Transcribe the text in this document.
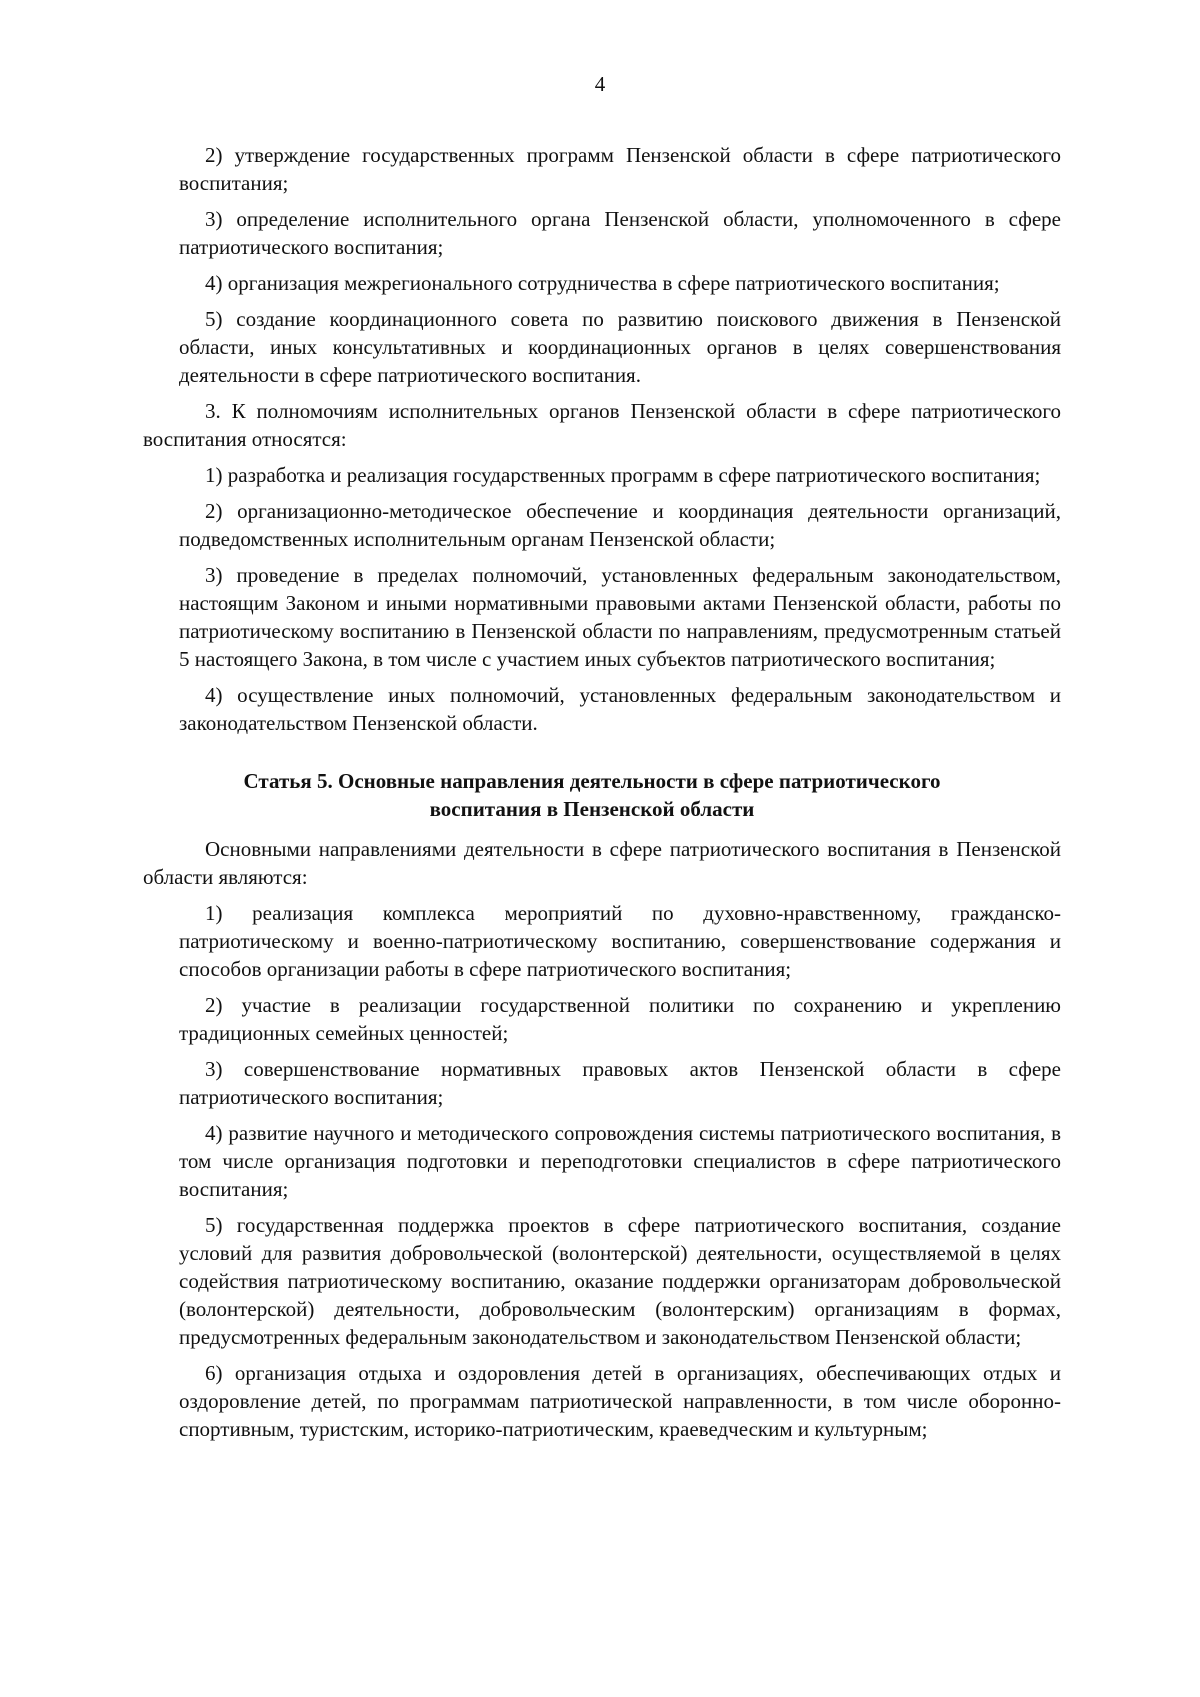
4

2) утверждение государственных программ Пензенской области в сфере патриотического воспитания;

3) определение исполнительного органа Пензенской области, уполномоченного в сфере патриотического воспитания;

4) организация межрегионального сотрудничества в сфере патриотического воспитания;

5) создание координационного совета по развитию поискового движения в Пензенской области, иных консультативных и координационных органов в целях совершенствования деятельности в сфере патриотического воспитания.

3. К полномочиям исполнительных органов Пензенской области в сфере патриотического воспитания относятся:

1) разработка и реализация государственных программ в сфере патриотического воспитания;

2) организационно-методическое обеспечение и координация деятельности организаций, подведомственных исполнительным органам Пензенской области;

3) проведение в пределах полномочий, установленных федеральным законодательством, настоящим Законом и иными нормативными правовыми актами Пензенской области, работы по патриотическому воспитанию в Пензенской области по направлениям, предусмотренным статьей 5 настоящего Закона, в том числе с участием иных субъектов патриотического воспитания;

4) осуществление иных полномочий, установленных федеральным законодательством и законодательством Пензенской области.

Статья 5. Основные направления деятельности в сфере патриотического
воспитания в Пензенской области

Основными направлениями деятельности в сфере патриотического воспитания в Пензенской области являются:

1) реализация комплекса мероприятий по духовно-нравственному, гражданско-патриотическому и военно-патриотическому воспитанию, совершенствование содержания и способов организации работы в сфере патриотического воспитания;

2) участие в реализации государственной политики по сохранению и укреплению традиционных семейных ценностей;

3) совершенствование нормативных правовых актов Пензенской области в сфере патриотического воспитания;

4) развитие научного и методического сопровождения системы патриотического воспитания, в том числе организация подготовки и переподготовки специалистов в сфере патриотического воспитания;

5) государственная поддержка проектов в сфере патриотического воспитания, создание условий для развития добровольческой (волонтерской) деятельности, осуществляемой в целях содействия патриотическому воспитанию, оказание поддержки организаторам добровольческой (волонтерской) деятельности, добровольческим (волонтерским) организациям в формах, предусмотренных федеральным законодательством и законодательством Пензенской области;

6) организация отдыха и оздоровления детей в организациях, обеспечивающих отдых и оздоровление детей, по программам патриотической направленности, в том числе оборонно-спортивным, туристским, историко-патриотическим, краеведческим и культурным;
